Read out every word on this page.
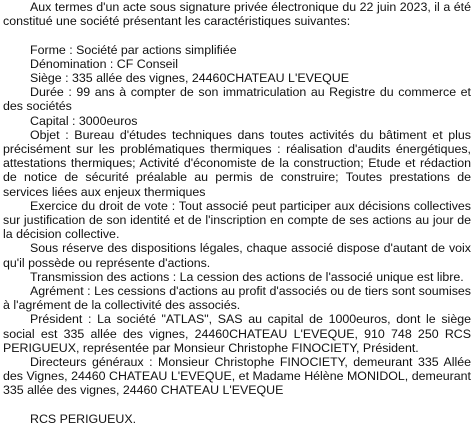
Aux termes d'un acte sous signature privée électronique du 22 juin 2023, il a été constitué une société présentant les caractéristiques suivantes:

Forme : Société par actions simplifiée

Dénomination : CF Conseil

Siège : 335 allée des vignes, 24460CHATEAU L'EVEQUE

Durée : 99 ans à compter de son immatriculation au Registre du commerce et des sociétés

Capital : 3000euros

Objet : Bureau d'études techniques dans toutes activités du bâtiment et plus précisément sur les problématiques thermiques : réalisation d'audits énergétiques, attestations thermiques; Activité d'économiste de la construction; Etude et rédaction de notice de sécurité préalable au permis de construire; Toutes prestations de services liées aux enjeux thermiques

Exercice du droit de vote : Tout associé peut participer aux décisions collectives sur justification de son identité et de l'inscription en compte de ses actions au jour de la décision collective.

Sous réserve des dispositions légales, chaque associé dispose d'autant de voix qu'il possède ou représente d'actions.

Transmission des actions : La cession des actions de l'associé unique est libre.

Agrément : Les cessions d'actions au profit d'associés ou de tiers sont soumises à l'agrément de la collectivité des associés.

Président : La société "ATLAS", SAS au capital de 1000euros, dont le siège social est 335 allée des vignes, 24460CHATEAU L'EVEQUE, 910 748 250 RCS PERIGUEUX, représentée par Monsieur Christophe FINOCIETY, Président.

Directeurs généraux : Monsieur Christophe FINOCIETY, demeurant 335 Allée des Vignes, 24460 CHATEAU L'EVEQUE, et Madame Hélène MONIDOL, demeurant 335 allée des vignes, 24460 CHATEAU L'EVEQUE

RCS PERIGUEUX.
